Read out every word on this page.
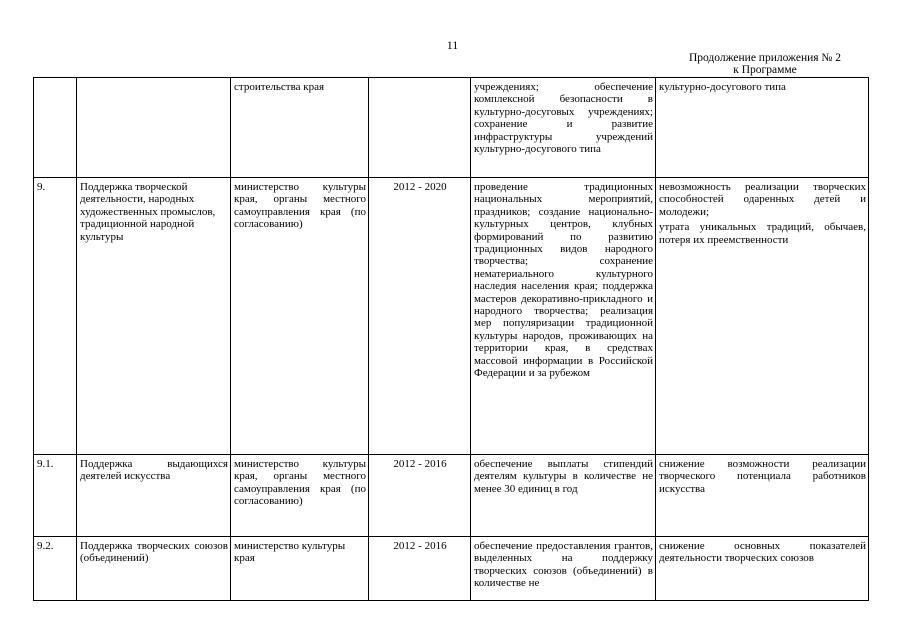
11
Продолжение приложения № 2
к Программе
		строительства края		учреждениях; обеспечение комплексной безопасности в культурно-досуговых учреждениях; сохранение и развитие инфраструктуры учреждений культурно-досугового типа	культурно-досугового типа

9.	Поддержка творческой деятельности, народных художественных промыслов, традиционной народной культуры	министерство культуры края, органы местного самоуправления края (по согласованию)	2012 - 2020	проведение традиционных национальных мероприятий, праздников; создание национально-культурных центров, клубных формирований по развитию традиционных видов народного творчества; сохранение нематериального культурного наследия населения края; поддержка мастеров декоративно-прикладного и народного творчества; реализация мер популяризации традиционной культуры народов, проживающих на территории края, в средствах массовой информации в Российской Федерации и за рубежом	невозможность реализации творческих способностей одаренных детей и молодежи;
утрата уникальных традиций, обычаев, потеря их преемственности

9.1.	Поддержка выдающихся деятелей искусства	министерство культуры края, органы местного самоуправления края (по согласованию)	2012 - 2016	обеспечение выплаты стипендий деятелям культуры в количестве не менее 30 единиц в год	снижение возможности реализации творческого потенциала работников искусства

9.2.	Поддержка творческих союзов (объединений)	министерство культуры края	2012 - 2016	обеспечение предоставления грантов, выделенных на поддержку творческих союзов (объединений) в количестве не	снижение основных показателей деятельности творческих союзов
